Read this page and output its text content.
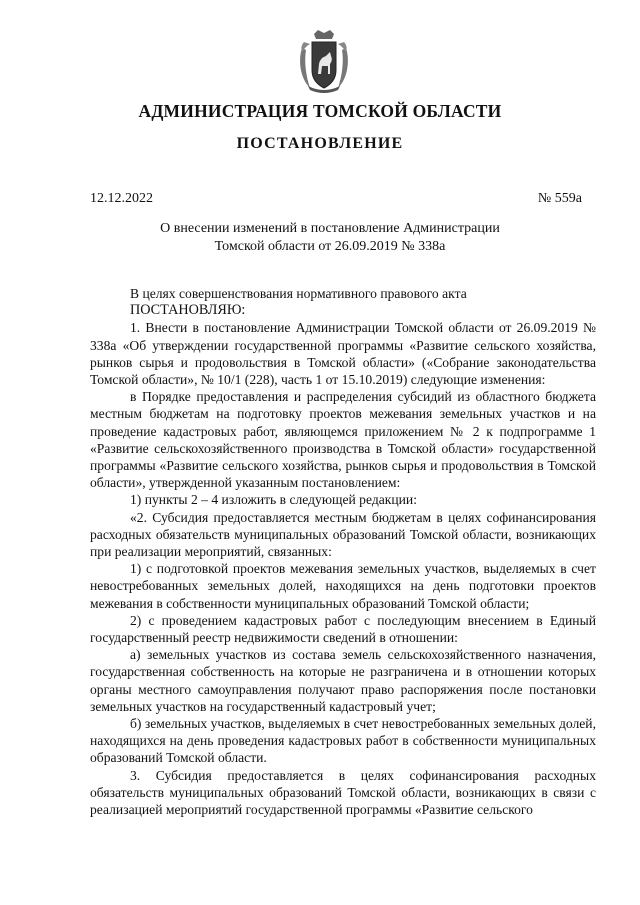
АДМИНИСТРАЦИЯ ТОМСКОЙ ОБЛАСТИ
ПОСТАНОВЛЕНИЕ
12.12.2022	№ 559а
О внесении изменений в постановление Администрации
Томской области от 26.09.2019 № 338а

В целях совершенствования нормативного правового акта

ПОСТАНОВЛЯЮ:

1. Внести в постановление Администрации Томской области от 26.09.2019 № 338а «Об утверждении государственной программы «Развитие сельского хозяйства, рынков сырья и продовольствия в Томской области» («Собрание законодательства Томской области», № 10/1 (228), часть 1 от 15.10.2019) следующие изменения:

в Порядке предоставления и распределения субсидий из областного бюджета местным бюджетам на подготовку проектов межевания земельных участков и на проведение кадастровых работ, являющемся приложением № 2 к подпрограмме 1 «Развитие сельскохозяйственного производства в Томской области» государственной программы «Развитие сельского хозяйства, рынков сырья и продовольствия в Томской области», утвержденной указанным постановлением:

1) пункты 2 – 4 изложить в следующей редакции:

«2. Субсидия предоставляется местным бюджетам в целях софинансирования расходных обязательств муниципальных образований Томской области, возникающих при реализации мероприятий, связанных:

1) с подготовкой проектов межевания земельных участков, выделяемых в счет невостребованных земельных долей, находящихся на день подготовки проектов межевания в собственности муниципальных образований Томской области;

2) с проведением кадастровых работ с последующим внесением в Единый государственный реестр недвижимости сведений в отношении:

а) земельных участков из состава земель сельскохозяйственного назначения, государственная собственность на которые не разграничена и в отношении которых органы местного самоуправления получают право распоряжения после постановки земельных участков на государственный кадастровый учет;

б) земельных участков, выделяемых в счет невостребованных земельных долей, находящихся на день проведения кадастровых работ в собственности муниципальных образований Томской области.

3. Субсидия предоставляется в целях софинансирования расходных обязательств муниципальных образований Томской области, возникающих в связи с реализацией мероприятий государственной программы «Развитие сельского
